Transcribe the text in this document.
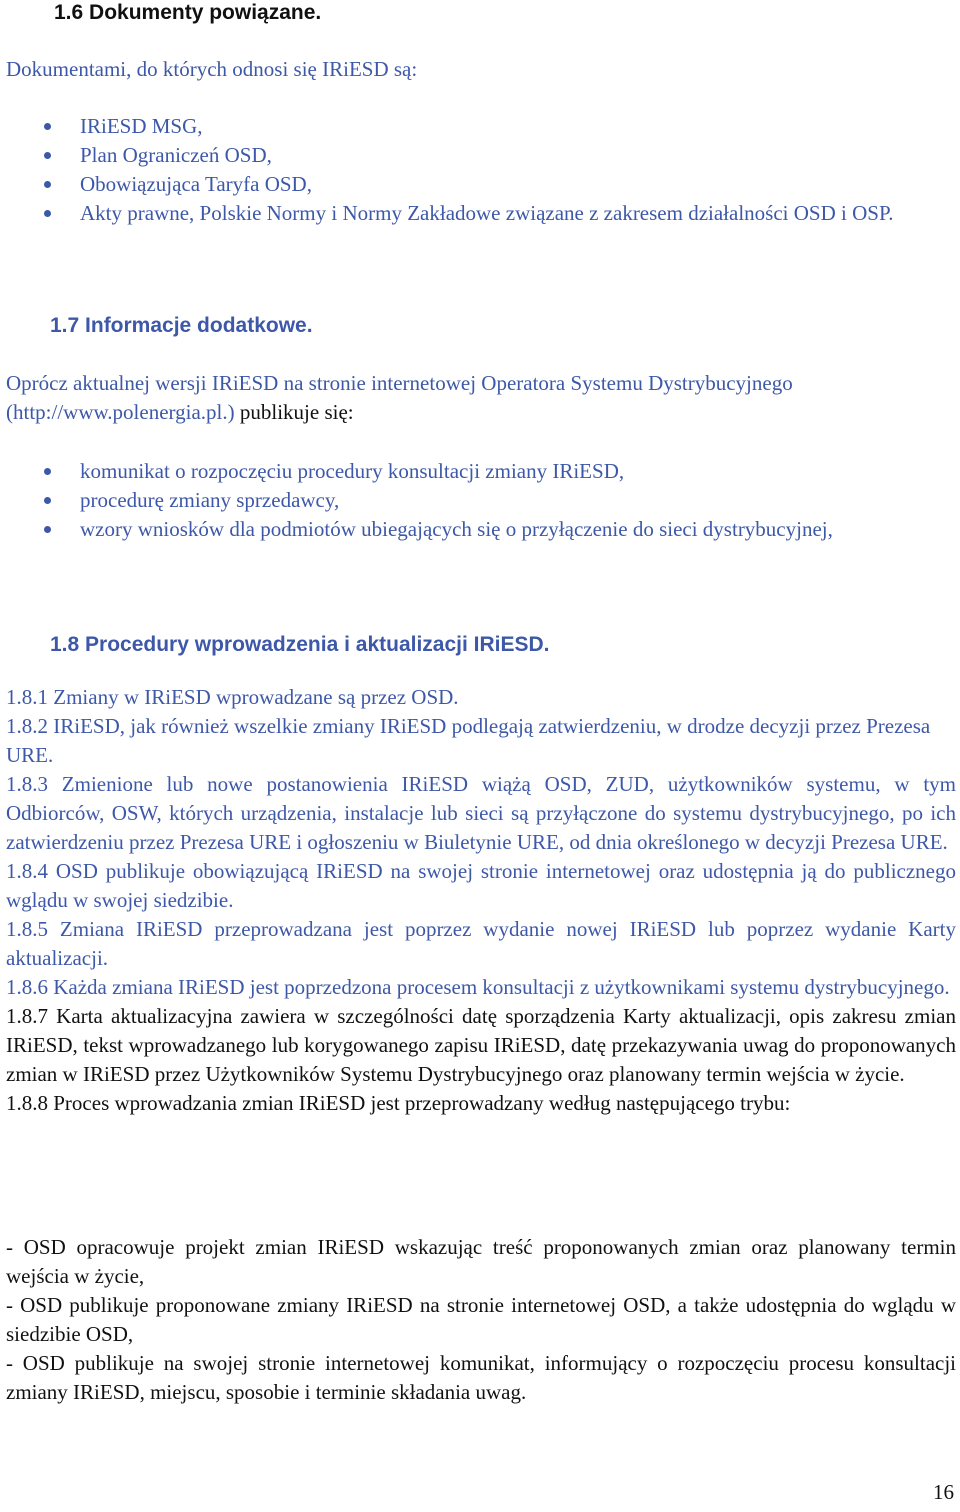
1.6 Dokumenty powiązane.

Dokumentami, do których odnosi się IRiESD są:

IRiESD MSG,
Plan Ograniczeń OSD,
Obowiązująca Taryfa OSD,
Akty prawne, Polskie Normy i Normy Zakładowe związane z zakresem działalności OSD i OSP.
1.7 Informacje dodatkowe.

Oprócz aktualnej wersji IRiESD na stronie internetowej Operatora Systemu Dystrybucyjnego (http://www.polenergia.pl.) publikuje się:

komunikat o rozpoczęciu procedury konsultacji zmiany IRiESD,
procedurę zmiany sprzedawcy,
wzory wniosków dla podmiotów ubiegających się o przyłączenie do sieci dystrybucyjnej,
1.8 Procedury wprowadzenia i aktualizacji IRiESD.

1.8.1 Zmiany w IRiESD wprowadzane są przez OSD.

1.8.2 IRiESD, jak również wszelkie zmiany IRiESD podlegają zatwierdzeniu, w drodze decyzji przez Prezesa URE.

1.8.3 Zmienione lub nowe postanowienia IRiESD wiążą OSD, ZUD, użytkowników systemu, w tym Odbiorców, OSW, których urządzenia, instalacje lub sieci są przyłączone do systemu dystrybucyjnego, po ich zatwierdzeniu przez Prezesa URE i ogłoszeniu w Biuletynie URE, od dnia określonego w decyzji Prezesa URE.

1.8.4 OSD publikuje obowiązującą IRiESD na swojej stronie internetowej oraz udostępnia ją do publicznego wglądu w swojej siedzibie.

1.8.5 Zmiana IRiESD przeprowadzana jest poprzez wydanie nowej IRiESD lub poprzez wydanie Karty aktualizacji.

1.8.6 Każda zmiana IRiESD jest poprzedzona procesem konsultacji z użytkownikami systemu dystrybucyjnego.

1.8.7 Karta aktualizacyjna zawiera w szczególności datę sporządzenia Karty aktualizacji, opis zakresu zmian IRiESD, tekst wprowadzanego lub korygowanego zapisu IRiESD, datę przekazywania uwag do proponowanych zmian w IRiESD przez Użytkowników Systemu Dystrybucyjnego oraz planowany termin wejścia w życie.

1.8.8 Proces wprowadzania zmian IRiESD jest przeprowadzany według następującego trybu:

- OSD opracowuje projekt zmian IRiESD wskazując treść proponowanych zmian oraz planowany termin wejścia w życie,

- OSD publikuje proponowane zmiany IRiESD na stronie internetowej OSD, a także udostępnia do wglądu w siedzibie OSD,

- OSD publikuje na swojej stronie internetowej komunikat, informujący o rozpoczęciu procesu konsultacji zmiany IRiESD, miejscu, sposobie i terminie składania uwag.

16
